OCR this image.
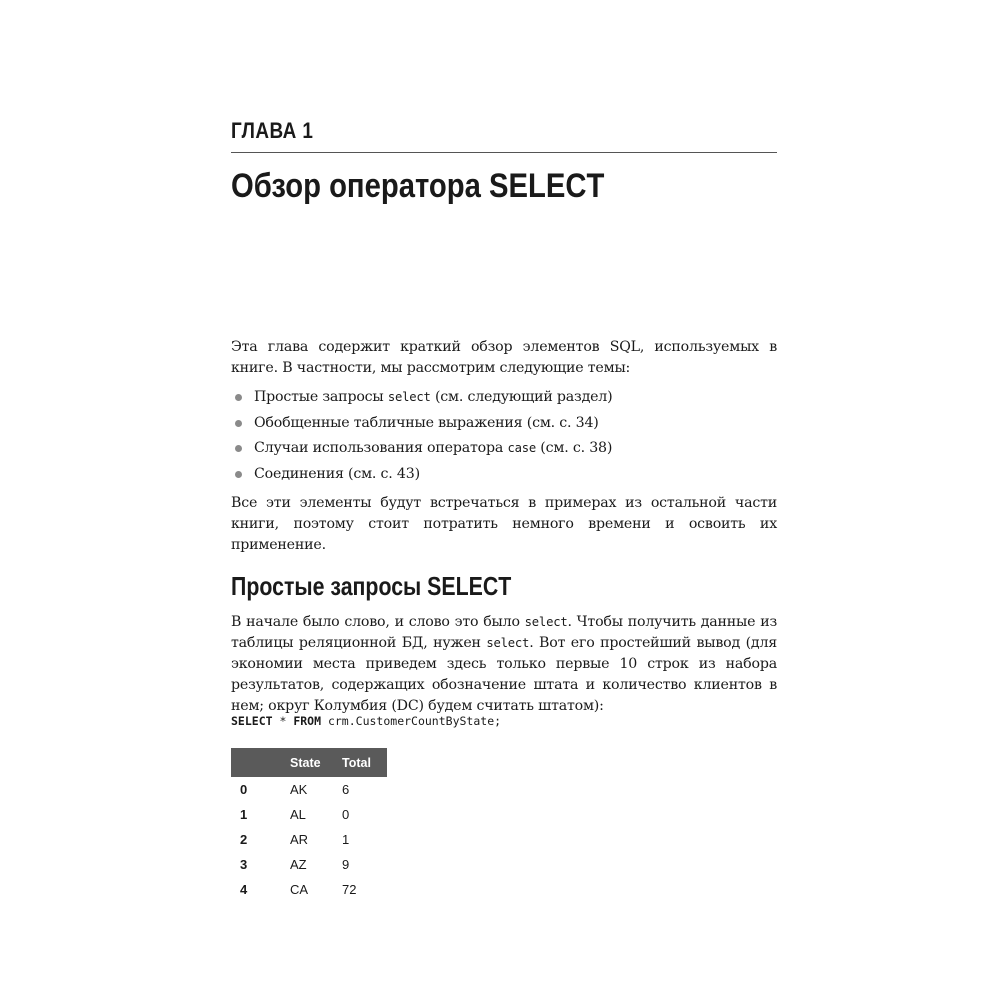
ГЛАВА 1
Обзор оператора SELECT

Эта глава содержит краткий обзор элементов SQL, используемых в книге. В частности, мы рассмотрим следующие темы:

Простые запросы select (см. следующий раздел)
Обобщенные табличные выражения (см. с. 34)
Случаи использования оператора case (см. с. 38)
Соединения (см. с. 43)

Все эти элементы будут встречаться в примерах из остальной части книги, поэтому стоит потратить немного времени и освоить их применение.

Простые запросы SELECT

В начале было слово, и слово это было select. Чтобы получить данные из таблицы реляционной БД, нужен select. Вот его простейший вывод (для экономии места приведем здесь только первые 10 строк из набора результатов, содержащих обозначение штата и количество клиентов в нем; округ Колумбия (DC) будем считать штатом):

SELECT * FROM crm.CustomerCountByState;
	State	Total
0	AK	6
1	AL	0
2	AR	1
3	AZ	9
4	CA	72
